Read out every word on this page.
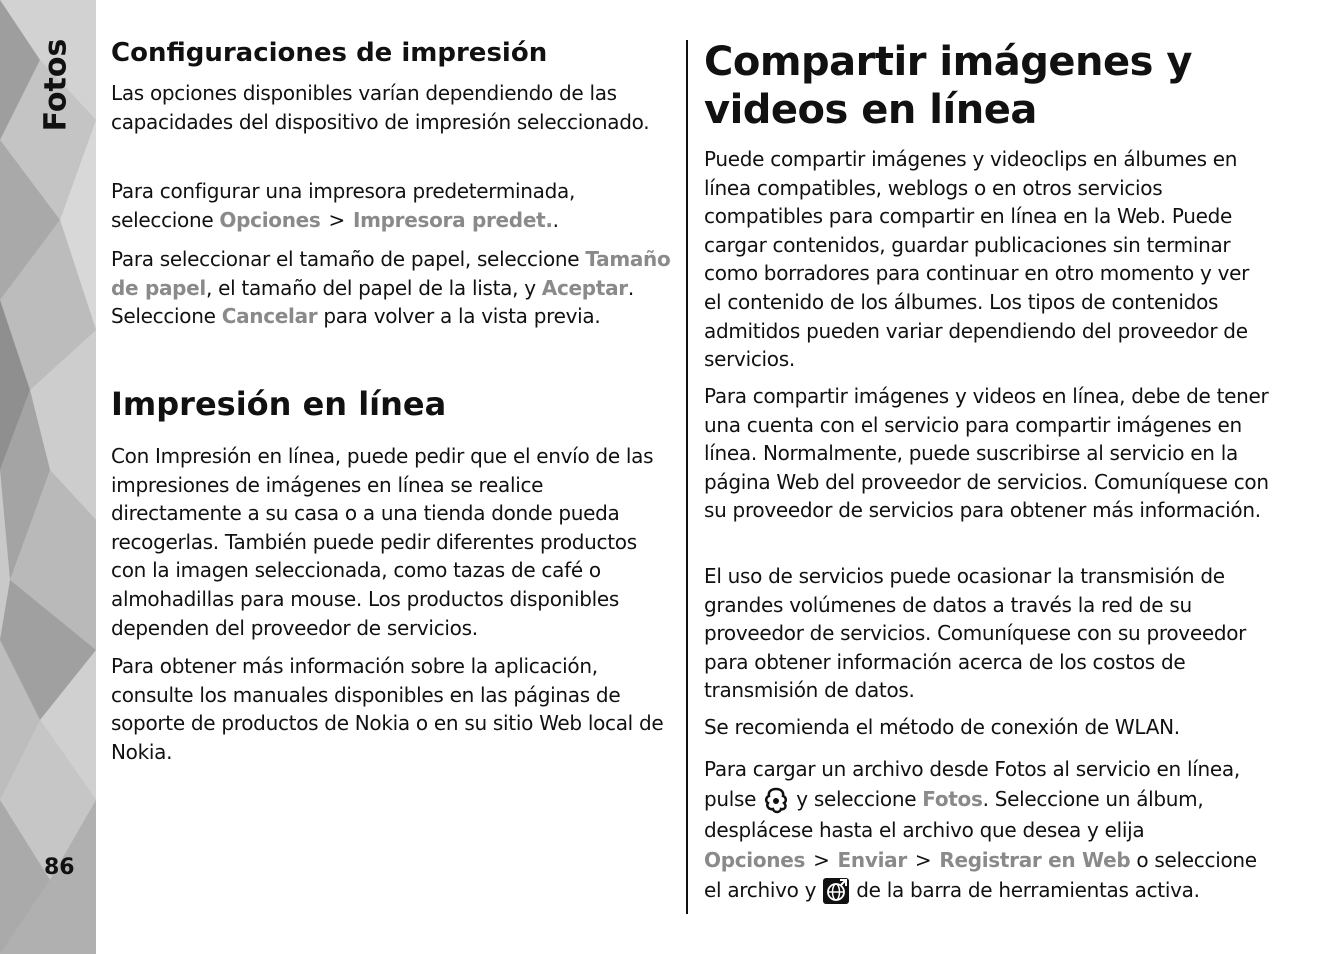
Fotos
86
Configuraciones de impresión

Las opciones disponibles varían dependiendo de las capacidades del dispositivo de impresión seleccionado.

Para configurar una impresora predeterminada, seleccione Opciones > Impresora predet..

Para seleccionar el tamaño de papel, seleccione Tamaño de papel, el tamaño del papel de la lista, y Aceptar. Seleccione Cancelar para volver a la vista previa.

Impresión en línea

Con Impresión en línea, puede pedir que el envío de las impresiones de imágenes en línea se realice directamente a su casa o a una tienda donde pueda recogerlas. También puede pedir diferentes productos con la imagen seleccionada, como tazas de café o almohadillas para mouse. Los productos disponibles dependen del proveedor de servicios.

Para obtener más información sobre la aplicación, consulte los manuales disponibles en las páginas de soporte de productos de Nokia o en su sitio Web local de Nokia.

Compartir imágenes y videos en línea

Puede compartir imágenes y videoclips en álbumes en línea compatibles, weblogs o en otros servicios compatibles para compartir en línea en la Web. Puede cargar contenidos, guardar publicaciones sin terminar como borradores para continuar en otro momento y ver el contenido de los álbumes. Los tipos de contenidos admitidos pueden variar dependiendo del proveedor de servicios.

Para compartir imágenes y videos en línea, debe de tener una cuenta con el servicio para compartir imágenes en línea. Normalmente, puede suscribirse al servicio en la página Web del proveedor de servicios. Comuníquese con su proveedor de servicios para obtener más información.

El uso de servicios puede ocasionar la transmisión de grandes volúmenes de datos a través la red de su proveedor de servicios. Comuníquese con su proveedor para obtener información acerca de los costos de transmisión de datos.

Se recomienda el método de conexión de WLAN.

Para cargar un archivo desde Fotos al servicio en línea, pulse  y seleccione Fotos. Seleccione un álbum, desplácese hasta el archivo que desea y elija Opciones > Enviar > Registrar en Web o seleccione el archivo y  de la barra de herramientas activa.
